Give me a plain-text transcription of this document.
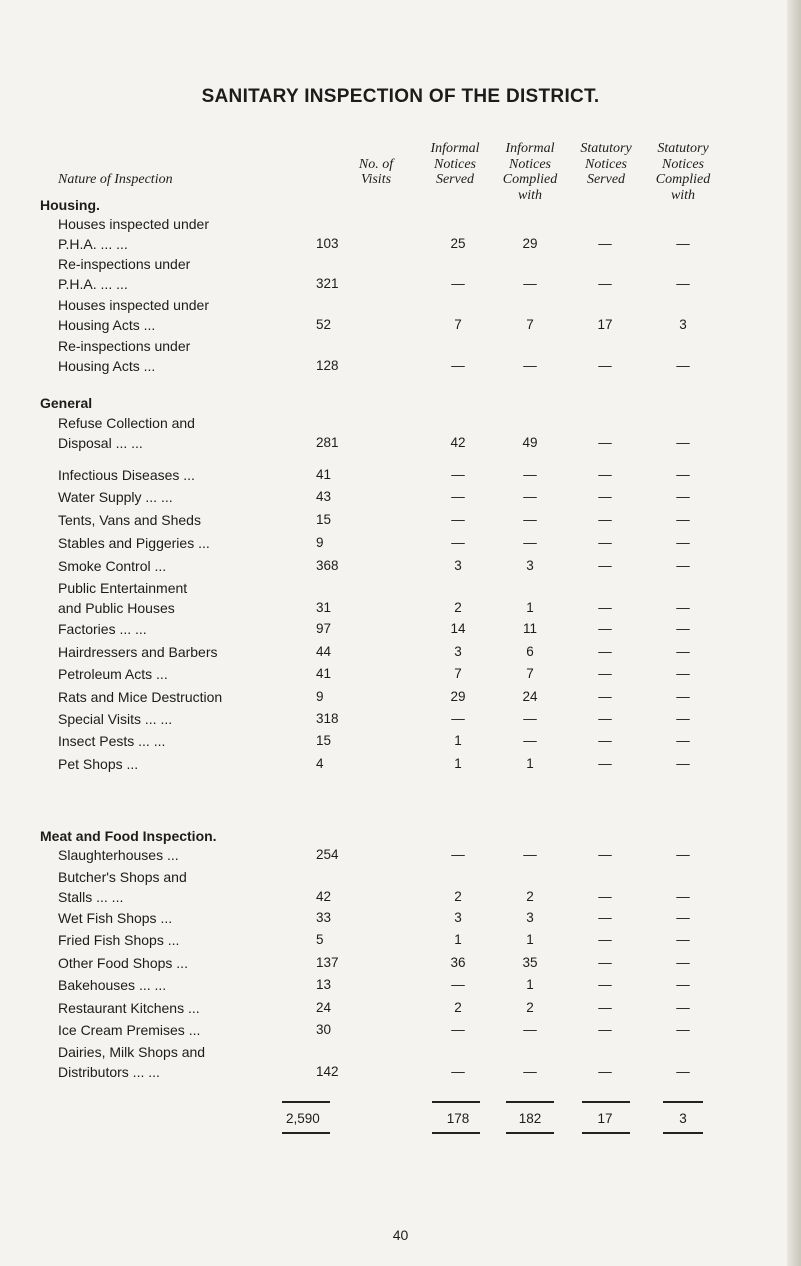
SANITARY INSPECTION OF THE DISTRICT.
Nature of Inspection
No. of
Visits
Informal
Notices
Served
Informal
Notices
Complied
with
Statutory
Notices
Served
Statutory
Notices
Complied
with
Housing.
General
Meat and Food Inspection.
Houses inspected under
P.H.A. ... ...	103	25	29	—	—
Re-inspections under
P.H.A. ... ...	321	—	—	—	—
Houses inspected under
Housing Acts ...	52	7	7	17	3
Re-inspections under
Housing Acts ...	128	—	—	—	—
Refuse Collection and
Disposal ... ...	281	42	49	—	—
Infectious Diseases ...	41	—	—	—	—
Water Supply ... ...	43	—	—	—	—
Tents, Vans and Sheds	15	—	—	—	—
Stables and Piggeries ...	9	—	—	—	—
Smoke Control ...	368	3	3	—	—
Public Entertainment
and Public Houses	31	2	1	—	—
Factories ... ...	97	14	11	—	—
Hairdressers and Barbers	44	3	6	—	—
Petroleum Acts ...	41	7	7	—	—
Rats and Mice Destruction	9	29	24	—	—
Special Visits ... ...	318	—	—	—	—
Insect Pests ... ...	15	1	—	—	—
Pet Shops ...	4	1	1	—	—
Slaughterhouses ...	254	—	—	—	—
Butcher's Shops and
Stalls ... ...	42	2	2	—	—
Wet Fish Shops ...	33	3	3	—	—
Fried Fish Shops ...	5	1	1	—	—
Other Food Shops ...	137	36	35	—	—
Bakehouses ... ...	13	—	1	—	—
Restaurant Kitchens ...	24	2	2	—	—
Ice Cream Premises ...	30	—	—	—	—
Dairies, Milk Shops and
Distributors ... ...	142	—	—	—	—
2,590	178	182	17	3
40
